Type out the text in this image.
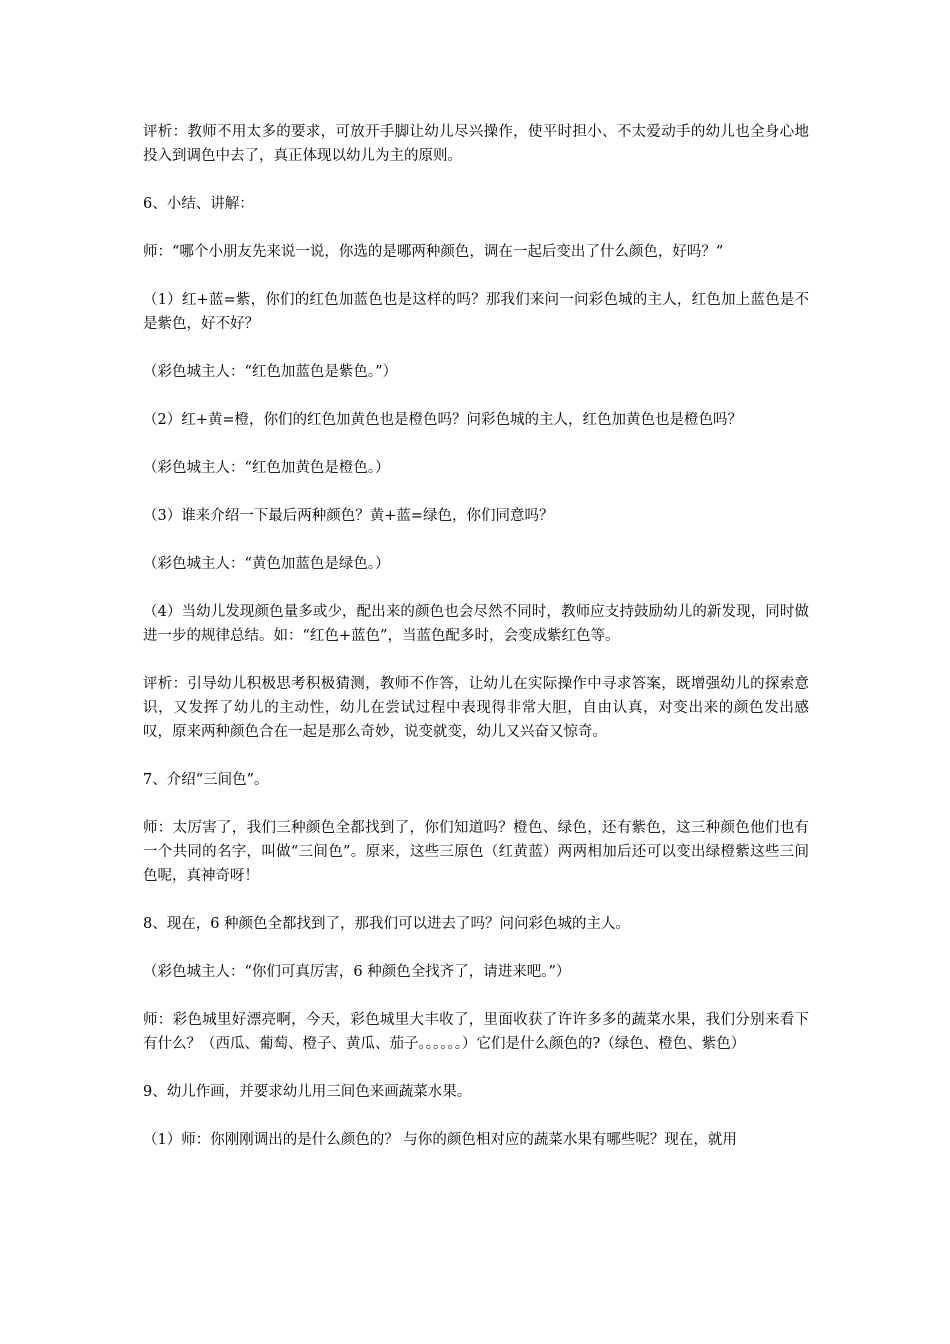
评析：教师不用太多的要求，可放开手脚让幼儿尽兴操作，使平时担小、不太爱动手的幼儿也全身心地投入到调色中去了，真正体现以幼儿为主的原则。

6、小结、讲解：

师：“哪个小朋友先来说一说，你选的是哪两种颜色，调在一起后变出了什么颜色，好吗？”

（1）红+蓝=紫，你们的红色加蓝色也是这样的吗？那我们来问一问彩色城的主人，红色加上蓝色是不是紫色，好不好？

（彩色城主人：“红色加蓝色是紫色。”）

（2）红+黄=橙，你们的红色加黄色也是橙色吗？问彩色城的主人，红色加黄色也是橙色吗？

（彩色城主人：“红色加黄色是橙色。）

（3）谁来介绍一下最后两种颜色？黄+蓝=绿色，你们同意吗？

（彩色城主人：“黄色加蓝色是绿色。）

（4）当幼儿发现颜色量多或少，配出来的颜色也会尽然不同时，教师应支持鼓励幼儿的新发现，同时做进一步的规律总结。如：“红色+蓝色”，当蓝色配多时，会变成紫红色等。

评析：引导幼儿积极思考积极猜测，教师不作答，让幼儿在实际操作中寻求答案，既增强幼儿的探索意识，又发挥了幼儿的主动性，幼儿在尝试过程中表现得非常大胆，自由认真，对变出来的颜色发出感叹，原来两种颜色合在一起是那么奇妙，说变就变，幼儿又兴奋又惊奇。

7、介绍“三间色”。

师：太厉害了，我们三种颜色全都找到了，你们知道吗？橙色、绿色，还有紫色，这三种颜色他们也有一个共同的名字，叫做“三间色”。原来，这些三原色（红黄蓝）两两相加后还可以变出绿橙紫这些三间色呢，真神奇呀！

8、现在，6 种颜色全都找到了，那我们可以进去了吗？问问彩色城的主人。

（彩色城主人：“你们可真厉害，6 种颜色全找齐了，请进来吧。”）

师：彩色城里好漂亮啊，今天，彩色城里大丰收了，里面收获了许许多多的蔬菜水果，我们分别来看下有什么？（西瓜、葡萄、橙子、黄瓜、茄子。。。。。。）它们是什么颜色的?（绿色、橙色、紫色）

9、幼儿作画，并要求幼儿用三间色来画蔬菜水果。

（1）师：你刚刚调出的是什么颜色的？ 与你的颜色相对应的蔬菜水果有哪些呢？现在，就用
